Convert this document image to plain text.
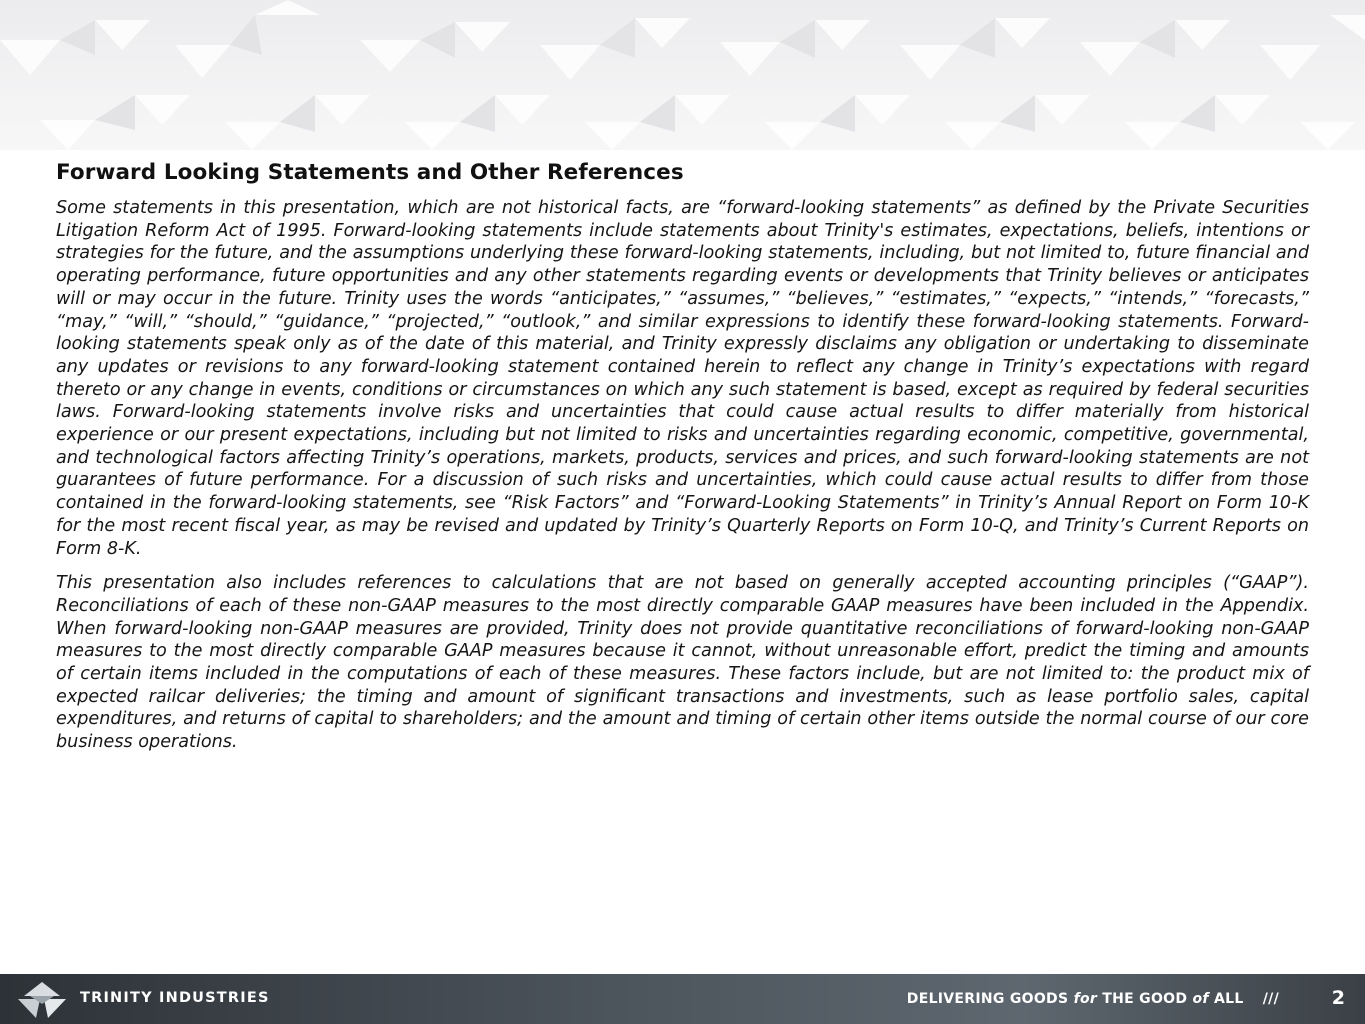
Forward Looking Statements and Other References

Some statements in this presentation, which are not historical facts, are “forward-looking statements” as defined by the Private Securities Litigation Reform Act of 1995. Forward-looking statements include statements about Trinity's estimates, expectations, beliefs, intentions or strategies for the future, and the assumptions underlying these forward-looking statements, including, but not limited to, future financial and operating performance, future opportunities and any other statements regarding events or developments that Trinity believes or anticipates will or may occur in the future. Trinity uses the words “anticipates,” “assumes,” “believes,” “estimates,” “expects,” “intends,” “forecasts,” “may,” “will,” “should,” “guidance,” “projected,” “outlook,” and similar expressions to identify these forward-looking statements. Forward-looking statements speak only as of the date of this material, and Trinity expressly disclaims any obligation or undertaking to disseminate any updates or revisions to any forward-looking statement contained herein to reflect any change in Trinity’s expectations with regard thereto or any change in events, conditions or circumstances on which any such statement is based, except as required by federal securities laws. Forward-looking statements involve risks and uncertainties that could cause actual results to differ materially from historical experience or our present expectations, including but not limited to risks and uncertainties regarding economic, competitive, governmental, and technological factors affecting Trinity’s operations, markets, products, services and prices, and such forward-looking statements are not guarantees of future performance. For a discussion of such risks and uncertainties, which could cause actual results to differ from those contained in the forward-looking statements, see “Risk Factors” and “Forward-Looking Statements” in Trinity’s Annual Report on Form 10-K for the most recent fiscal year, as may be revised and updated by Trinity’s Quarterly Reports on Form 10-Q, and Trinity’s Current Reports on Form 8-K.

This presentation also includes references to calculations that are not based on generally accepted accounting principles (“GAAP”). Reconciliations of each of these non-GAAP measures to the most directly comparable GAAP measures have been included in the Appendix. When forward-looking non-GAAP measures are provided, Trinity does not provide quantitative reconciliations of forward-looking non-GAAP measures to the most directly comparable GAAP measures because it cannot, without unreasonable effort, predict the timing and amounts of certain items included in the computations of each of these measures. These factors include, but are not limited to: the product mix of expected railcar deliveries; the timing and amount of significant transactions and investments, such as lease portfolio sales, capital expenditures, and returns of capital to shareholders; and the amount and timing of certain other items outside the normal course of our core business operations.

TRINITY INDUSTRIES	DELIVERING GOODS for THE GOOD of ALL ///	2
